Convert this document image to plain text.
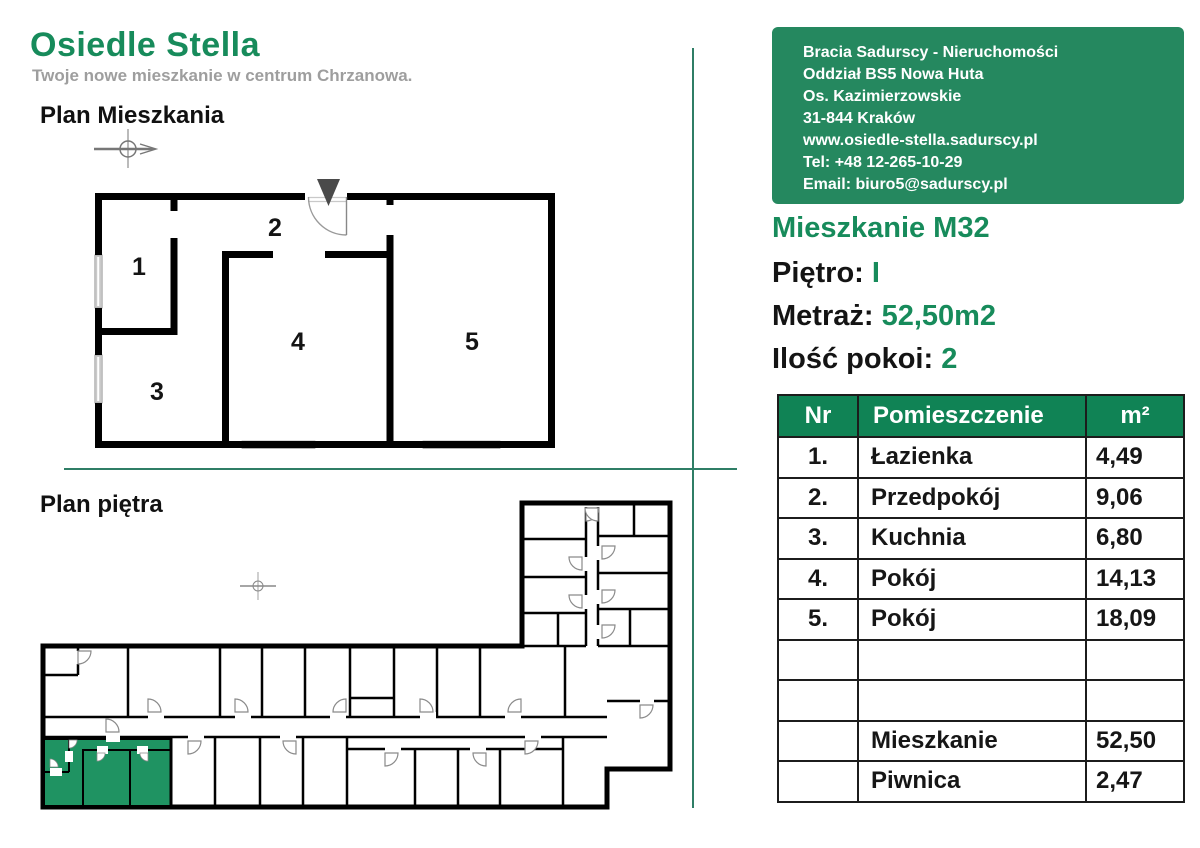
Osiedle Stella
Twoje nowe mieszkanie w centrum Chrzanowa.
Plan Mieszkania
Plan piętra
1
2
3
4	5
Bracia Sadurscy - Nieruchomości
Oddział BS5 Nowa Huta
Os. Kazimierzowskie
31-844 Kraków
www.osiedle-stella.sadurscy.pl
Tel: +48 12-265-10-29
Email: biuro5@sadurscy.pl
Mieszkanie M32
Piętro: I
Metraż: 52,50m2
Ilość pokoi: 2
Nr	Pomieszczenie	m²
1.	Łazienka	4,49
2.	Przedpokój	9,06
3.	Kuchnia	6,80
4.	Pokój	14,13
5.	Pokój	18,09

	Mieszkanie	52,50
	Piwnica	2,47
